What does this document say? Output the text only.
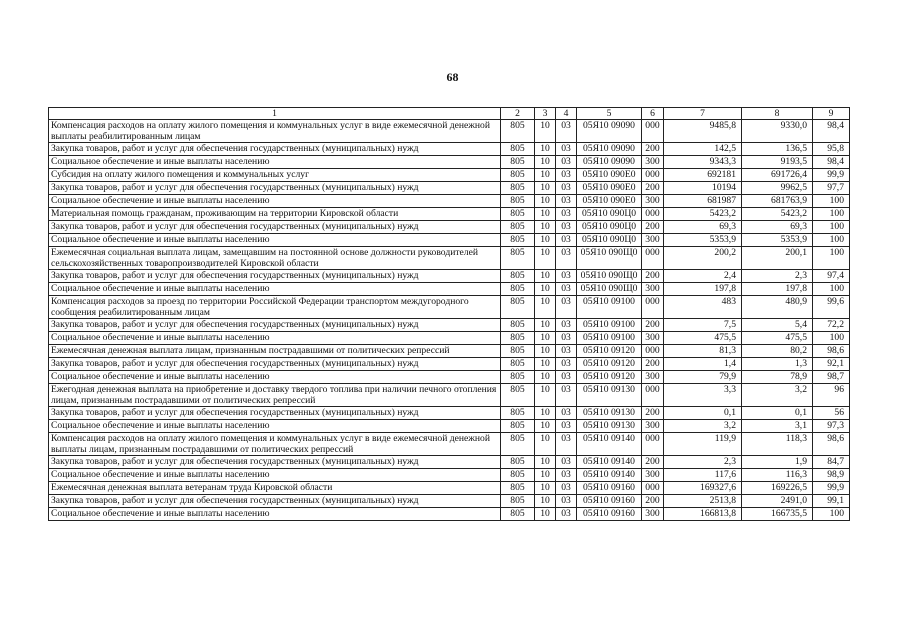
68
1	2	3	4	5	6	7	8	9
Компенсация расходов на оплату жилого помещения и коммунальных услуг в виде ежемесячной денежной выплаты реабилитированным лицам	805	10	03	05Я10 09090	000	9485,8	9330,0	98,4
Закупка товаров, работ и услуг для обеспечения государственных (муниципальных) нужд	805	10	03	05Я10 09090	200	142,5	136,5	95,8
Социальное обеспечение и иные выплаты населению	805	10	03	05Я10 09090	300	9343,3	9193,5	98,4
Субсидия на оплату жилого помещения и коммунальных услуг	805	10	03	05Я10 090Е0	000	692181	691726,4	99,9
Закупка товаров, работ и услуг для обеспечения государственных (муниципальных) нужд	805	10	03	05Я10 090Е0	200	10194	9962,5	97,7
Социальное обеспечение и иные выплаты населению	805	10	03	05Я10 090Е0	300	681987	681763,9	100
Материальная помощь гражданам, проживающим на территории Кировской области	805	10	03	05Я10 090Ц0	000	5423,2	5423,2	100
Закупка товаров, работ и услуг для обеспечения государственных (муниципальных) нужд	805	10	03	05Я10 090Ц0	200	69,3	69,3	100
Социальное обеспечение и иные выплаты населению	805	10	03	05Я10 090Ц0	300	5353,9	5353,9	100
Ежемесячная социальная выплата лицам, замещавшим на постоянной основе должности руководителей сельскохозяйственных товаропроизводителей Кировской области	805	10	03	05Я10 090Щ0	000	200,2	200,1	100
Закупка товаров, работ и услуг для обеспечения государственных (муниципальных) нужд	805	10	03	05Я10 090Щ0	200	2,4	2,3	97,4
Социальное обеспечение и иные выплаты населению	805	10	03	05Я10 090Щ0	300	197,8	197,8	100
Компенсация расходов за проезд по территории Российской Федерации транспортом междугородного сообщения реабилитированным лицам	805	10	03	05Я10 09100	000	483	480,9	99,6
Закупка товаров, работ и услуг для обеспечения государственных (муниципальных) нужд	805	10	03	05Я10 09100	200	7,5	5,4	72,2
Социальное обеспечение и иные выплаты населению	805	10	03	05Я10 09100	300	475,5	475,5	100
Ежемесячная денежная выплата лицам, признанным пострадавшими от политических репрессий	805	10	03	05Я10 09120	000	81,3	80,2	98,6
Закупка товаров, работ и услуг для обеспечения государственных (муниципальных) нужд	805	10	03	05Я10 09120	200	1,4	1,3	92,1
Социальное обеспечение и иные выплаты населению	805	10	03	05Я10 09120	300	79,9	78,9	98,7
Ежегодная денежная выплата на приобретение и доставку твердого топлива при наличии печного отопления лицам, признанным пострадавшими от политических репрессий	805	10	03	05Я10 09130	000	3,3	3,2	96
Закупка товаров, работ и услуг для обеспечения государственных (муниципальных) нужд	805	10	03	05Я10 09130	200	0,1	0,1	56
Социальное обеспечение и иные выплаты населению	805	10	03	05Я10 09130	300	3,2	3,1	97,3
Компенсация расходов на оплату жилого помещения и коммунальных услуг в виде ежемесячной денежной выплаты лицам, признанным пострадавшими от политических репрессий	805	10	03	05Я10 09140	000	119,9	118,3	98,6
Закупка товаров, работ и услуг для обеспечения государственных (муниципальных) нужд	805	10	03	05Я10 09140	200	2,3	1,9	84,7
Социальное обеспечение и иные выплаты населению	805	10	03	05Я10 09140	300	117,6	116,3	98,9
Ежемесячная денежная выплата ветеранам труда Кировской области	805	10	03	05Я10 09160	000	169327,6	169226,5	99,9
Закупка товаров, работ и услуг для обеспечения государственных (муниципальных) нужд	805	10	03	05Я10 09160	200	2513,8	2491,0	99,1
Социальное обеспечение и иные выплаты населению	805	10	03	05Я10 09160	300	166813,8	166735,5	100
